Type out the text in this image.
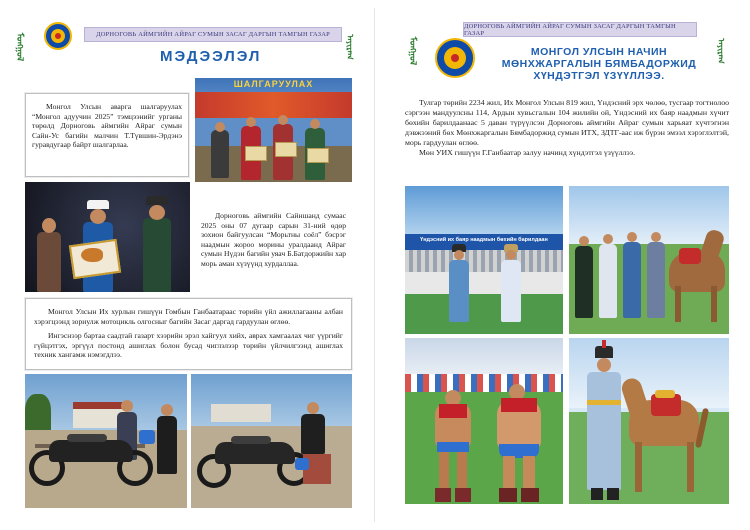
ᠮᠣᠩᠭᠣᠯ	ДОРНОГОВЬ АЙМГИЙН АЙРАГ СУМЫН ЗАСАГ ДАРГЫН ТАМГЫН ГАЗАР	ᠠᠶᠢᠷᠠᠭ
МЭДЭЭЛЭЛ

Монгол Улсын аварга шалгаруулах “Монгол адуучин 2025” тэмцээнийг урганы төрөлд Дорноговь аймгийн Айраг сумын Сайн-Ус багийн малчин Т.Түвшин-Эрдэнэ гуравдугаар байрт шалгарлаа.

ШАЛГАРУУЛАХ

Дорноговь аймгийн Сайншанд сумаас 2025 оны 07 дугаар сарын 31-ний өдөр зохион байгуулсан “Морьтны соёл” бэсрэг наадмын жороо морины уралдаанд Айраг сумын Нүдэн багийн уяач Б.Батдоржийн хар морь аман хүзүүнд хурдаллаа.

Монгол Улсын Их хурлын гишүүн Гомбын Ганбаатараас төрийн үйл ажиллагааны албан хэрэгцээнд зориулж мотоцикль олгосныг багийн Засаг даргад гардуулан өглөө.

Ингэснээр бартаа саадтай газарт хээрийн эрэл хайгуул хийх, аврах хамгаалах чиг үүргийг гүйцэтгэх, эргүүл постонд ашиглах болон бусад чиглэлээр төрийн үйлчилгээнд ашиглах техник хангамж нэмэгдлээ.

ᠮᠣᠩᠭᠣᠯ
ДОРНОГОВЬ АЙМГИЙН АЙРАГ СУМЫН ЗАСАГ ДАРГЫН ТАМГЫН ГАЗАР
ᠠᠶᠢᠷᠠᠭ
МОНГОЛ УЛСЫН НАЧИН
МӨНХЖАРГАЛЫН БЯМБАДОРЖИД
ХҮНДЭТГЭЛ ҮЗҮҮЛЛЭЭ.

Тулгар төрийн 2234 жил, Их Монгол Улсын 819 жил, Үндэсний эрх чөлөө, тусгаар тогтнолоо сэргээн мандуулсны 114, Ардын хувьсгалын 104 жилийн ой, Үндэсний их баяр наадмын хүчит бөхийн барилдаанаас 5 даван түрүүлсэн Дорноговь аймгийн Айраг сумын харьяат хүчтэгнэн дэвжээний бөх Мөнхжаргалын Бямбадоржид сумын ИТХ, ЗДТГ-аас иж бүрэн эмээл хэрэглэлтэй, морь гардуулан өглөө.

Мөн УИХ гишүүн Г.Ганбаатар залуу начинд хүндэтгэл үзүүллээ.

Үндэсний их баяр наадмын бөхийн барилдаан
